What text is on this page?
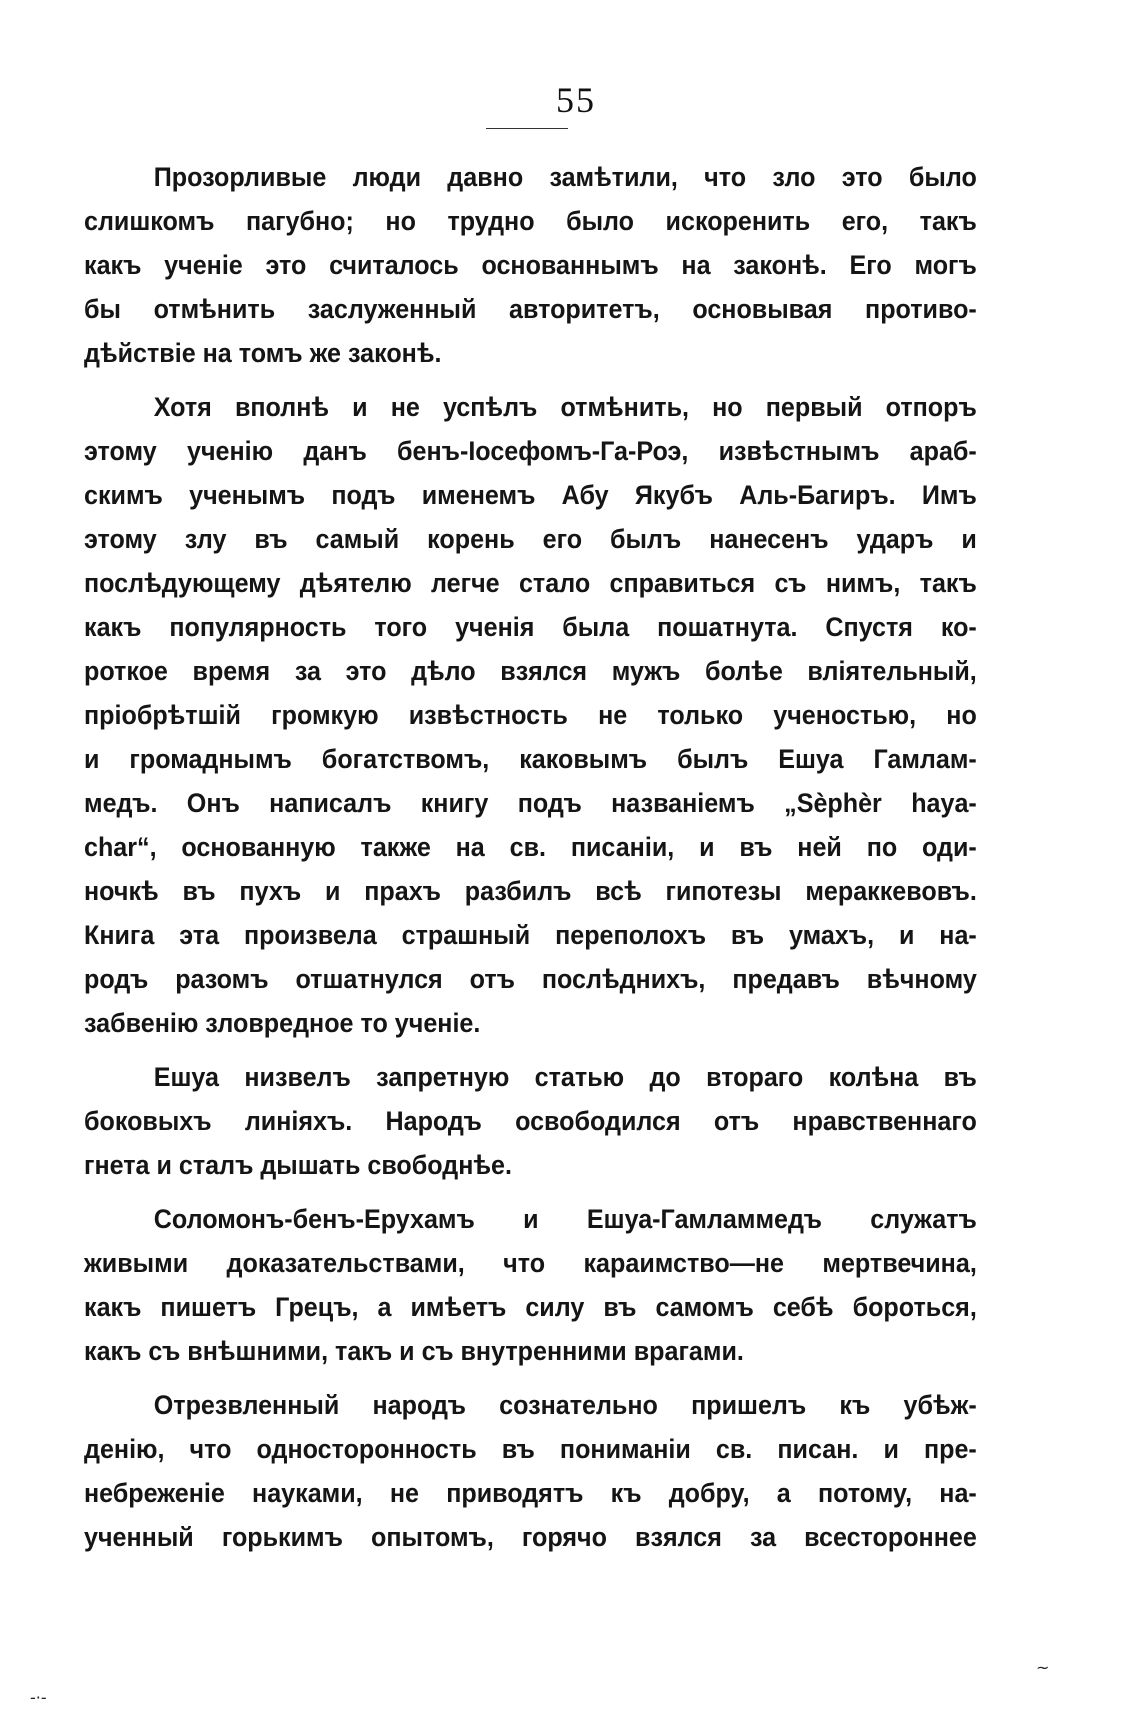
55
Прозорливые люди давно замѣтили, что зло это было
слишкомъ пагубно; но трудно было искоренить его, такъ
какъ ученіе это считалось основаннымъ на законѣ. Его могъ
бы отмѣнить заслуженный авторитетъ, основывая противо-
дѣйствіе на томъ же законѣ.
Хотя вполнѣ и не успѣлъ отмѣнить, но первый отпоръ
этому ученію данъ бенъ-Іосефомъ-Га-Роэ, извѣстнымъ араб-
скимъ ученымъ подъ именемъ Абу Якубъ Аль-Багиръ. Имъ
этому злу въ самый корень его былъ нанесенъ ударъ и
послѣдующему дѣятелю легче стало справиться съ нимъ, такъ
какъ популярность того ученія была пошатнута. Спустя ко-
роткое время за это дѣло взялся мужъ болѣе вліятельный,
пріобрѣтшій громкую извѣстность не только ученостью, но
и громаднымъ богатствомъ, каковымъ былъ Ешуа Гамлам-
медъ. Онъ написалъ книгу подъ названіемъ „Sèphèr haya-
char“, основанную также на св. писаніи, и въ ней по оди-
ночкѣ въ пухъ и прахъ разбилъ всѣ гипотезы мераккевовъ.
Книга эта произвела страшный переполохъ въ умахъ, и на-
родъ разомъ отшатнулся отъ послѣднихъ, предавъ вѣчному
забвенію зловредное то ученіе.
Ешуа низвелъ запретную статью до втораго колѣна въ
боковыхъ линіяхъ. Народъ освободился отъ нравственнаго
гнета и сталъ дышать свободнѣе.
Соломонъ-бенъ-Ерухамъ и Ешуа-Гамламмедъ служатъ
живыми доказательствами, что караимство—не мертвечина,
какъ пишетъ Грецъ, а имѣетъ силу въ самомъ себѣ бороться,
какъ съ внѣшними, такъ и съ внутренними врагами.
Отрезвленный народъ сознательно пришелъ къ убѣж-
денію, что односторонность въ пониманіи св. писан. и пре-
небреженіе науками, не приводятъ къ добру, а потому, на-
ученный горькимъ опытомъ, горячо взялся за всестороннее
-·-
~
